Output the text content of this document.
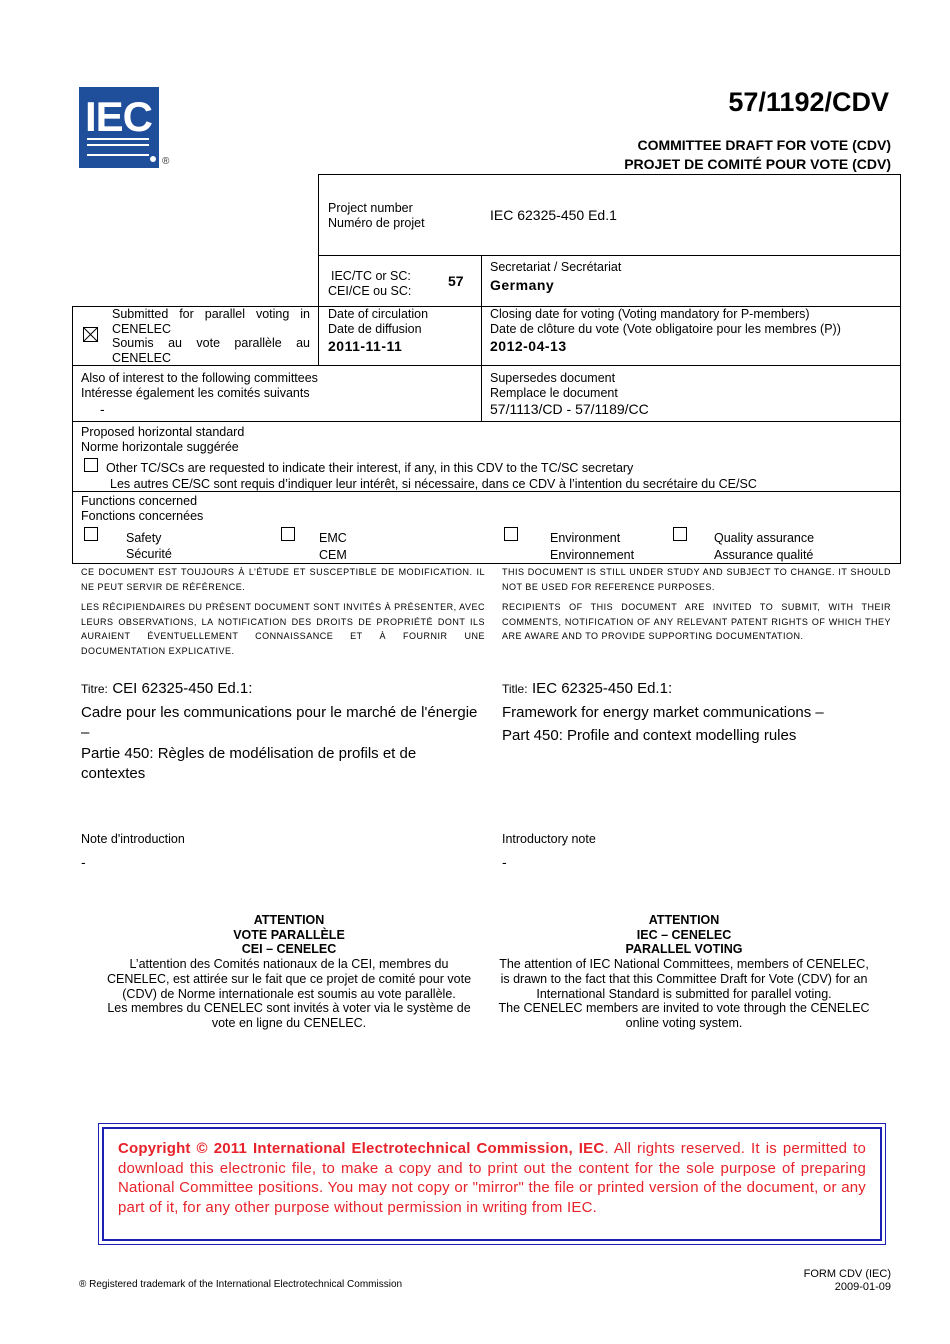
IEC
®
57/1192/CDV
COMMITTEE DRAFT FOR VOTE (CDV)
PROJET DE COMITÉ POUR VOTE (CDV)
Project number
Numéro de projet	IEC 62325-450 Ed.1
IEC/TC or SC:
CEI/CE ou SC:
57
Secretariat / Secrétariat
Germany
Submitted for parallel voting in CENELEC
Soumis au vote parallèle au CENELEC
Date of circulation
Date de diffusion
2011-11-11
Closing date for voting (Voting mandatory for P-members)
Date de clôture du vote (Vote obligatoire pour les membres (P))
2012-04-13
Also of interest to the following committees
Intéresse également les comités suivants
-
Supersedes document
Remplace le document
57/1113/CD - 57/1189/CC
Proposed horizontal standard
Norme horizontale suggérée
Other TC/SCs are requested to indicate their interest, if any, in this CDV to the TC/SC secretary
Les autres CE/SC sont requis d’indiquer leur intérêt, si nécessaire, dans ce CDV à l’intention du secrétaire du CE/SC
Functions concerned
Fonctions concernées
Safety
Sécurité
EMC
CEM
Environment
Environnement
Quality assurance
Assurance qualité
CE DOCUMENT EST TOUJOURS À L’ÉTUDE ET SUSCEPTIBLE DE MODIFICATION. IL NE PEUT SERVIR DE RÉFÉRENCE.
THIS DOCUMENT IS STILL UNDER STUDY AND SUBJECT TO CHANGE. IT SHOULD NOT BE USED FOR REFERENCE PURPOSES.
LES RÉCIPIENDAIRES DU PRÉSENT DOCUMENT SONT INVITÉS À PRÉSENTER, AVEC LEURS OBSERVATIONS, LA NOTIFICATION DES DROITS DE PROPRIÉTÉ DONT ILS AURAIENT ÉVENTUELLEMENT CONNAISSANCE ET À FOURNIR UNE DOCUMENTATION EXPLICATIVE.
RECIPIENTS OF THIS DOCUMENT ARE INVITED TO SUBMIT, WITH THEIR COMMENTS, NOTIFICATION OF ANY RELEVANT PATENT RIGHTS OF WHICH THEY ARE AWARE AND TO PROVIDE SUPPORTING DOCUMENTATION.
Titre: CEI 62325-450 Ed.1:
Cadre pour les communications pour le marché de l'énergie –
Partie 450: Règles de modélisation de profils et de contextes
Title: IEC 62325-450 Ed.1:
Framework for energy market communications –
Part 450: Profile and context modelling rules
Note d'introduction
-
Introductory note
-
ATTENTION
VOTE PARALLÈLE
CEI – CENELEC
L’attention des Comités nationaux de la CEI, membres du CENELEC, est attirée sur le fait que ce projet de comité pour vote (CDV) de Norme internationale est soumis au vote parallèle.
Les membres du CENELEC sont invités à voter via le système de vote en ligne du CENELEC.
ATTENTION
IEC – CENELEC
PARALLEL VOTING
The attention of IEC National Committees, members of CENELEC, is drawn to the fact that this Committee Draft for Vote (CDV) for an International Standard is submitted for parallel voting.
The CENELEC members are invited to vote through the CENELEC online voting system.
Copyright © 2011 International Electrotechnical Commission, IEC. All rights reserved. It is permitted to download this electronic file, to make a copy and to print out the content for the sole purpose of preparing National Committee positions. You may not copy or "mirror" the file or printed version of the document, or any part of it, for any other purpose without permission in writing from IEC.
® Registered trademark of the International Electrotechnical Commission
FORM CDV (IEC)
2009-01-09
